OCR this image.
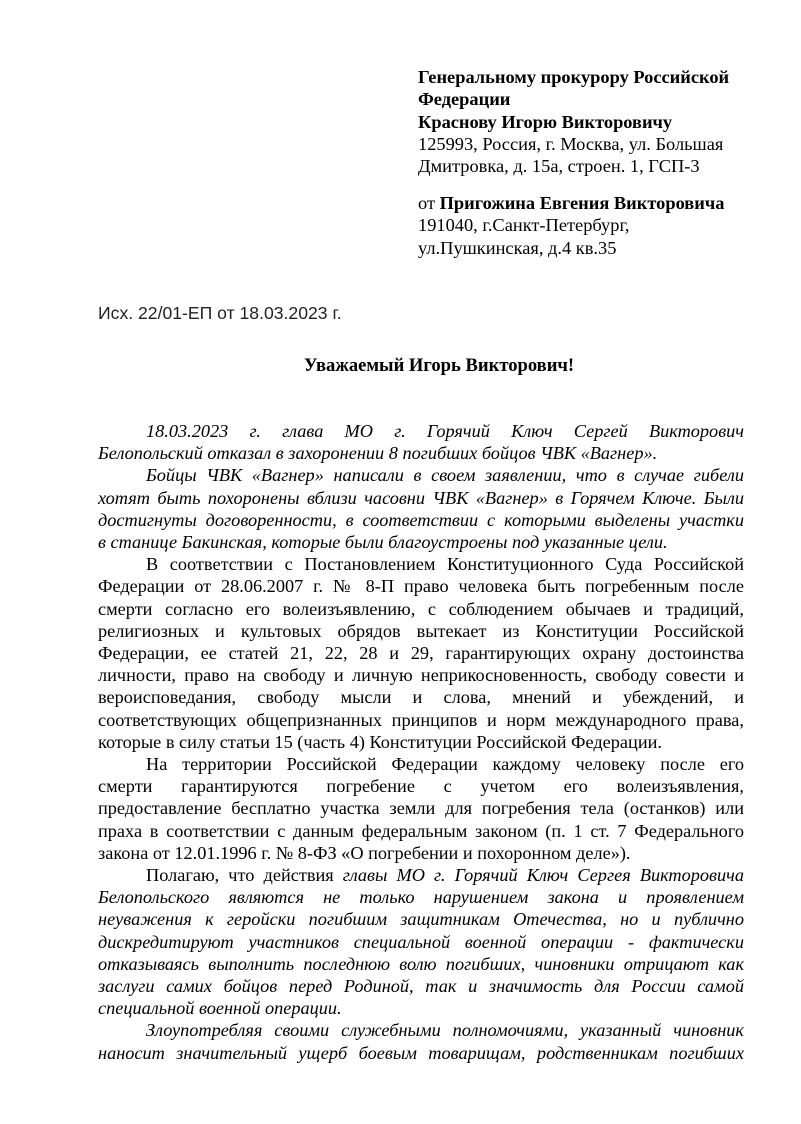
Генеральному прокурору Российской
Федерации
Краснову Игорю Викторовичу
125993, Россия, г. Москва, ул. Большая
Дмитровка, д. 15а, строен. 1, ГСП-3
от Пригожина Евгения Викторовича
191040, г.Санкт-Петербург,
ул.Пушкинская, д.4 кв.35
Исх. 22/01-ЕП от 18.03.2023 г.
Уважаемый Игорь Викторович!
18.03.2023 г. глава МО г. Горячий Ключ Сергей Викторович
Белопольский отказал в захоронении 8 погибших бойцов ЧВК «Вагнер».
Бойцы ЧВК «Вагнер» написали в своем заявлении, что в случае гибели
хотят быть похоронены вблизи часовни ЧВК «Вагнер» в Горячем Ключе. Были
достигнуты договоренности, в соответствии с которыми выделены участки
в станице Бакинская, которые были благоустроены под указанные цели.
В соответствии с Постановлением Конституционного Суда Российской
Федерации от 28.06.2007 г. № 8-П право человека быть погребенным после
смерти согласно его волеизъявлению, с соблюдением обычаев и традиций,
религиозных и культовых обрядов вытекает из Конституции Российской
Федерации, ее статей 21, 22, 28 и 29, гарантирующих охрану достоинства
личности, право на свободу и личную неприкосновенность, свободу совести и
вероисповедания, свободу мысли и слова, мнений и убеждений, и
соответствующих общепризнанных принципов и норм международного права,
которые в силу статьи 15 (часть 4) Конституции Российской Федерации.
На территории Российской Федерации каждому человеку после его
смерти гарантируются погребение с учетом его волеизъявления,
предоставление бесплатно участка земли для погребения тела (останков) или
праха в соответствии с данным федеральным законом (п. 1 ст. 7 Федерального
закона от 12.01.1996 г. № 8-ФЗ «О погребении и похоронном деле»).
Полагаю, что действия главы МО г. Горячий Ключ Сергея Викторовича
Белопольского являются не только нарушением закона и проявлением
неуважения к геройски погибшим защитникам Отечества, но и публично
дискредитируют участников специальной военной операции - фактически
отказываясь выполнить последнюю волю погибших, чиновники отрицают как
заслуги самих бойцов перед Родиной, так и значимость для России самой
специальной военной операции.
Злоупотребляя своими служебными полномочиями, указанный чиновник
наносит значительный ущерб боевым товарищам, родственникам погибших
